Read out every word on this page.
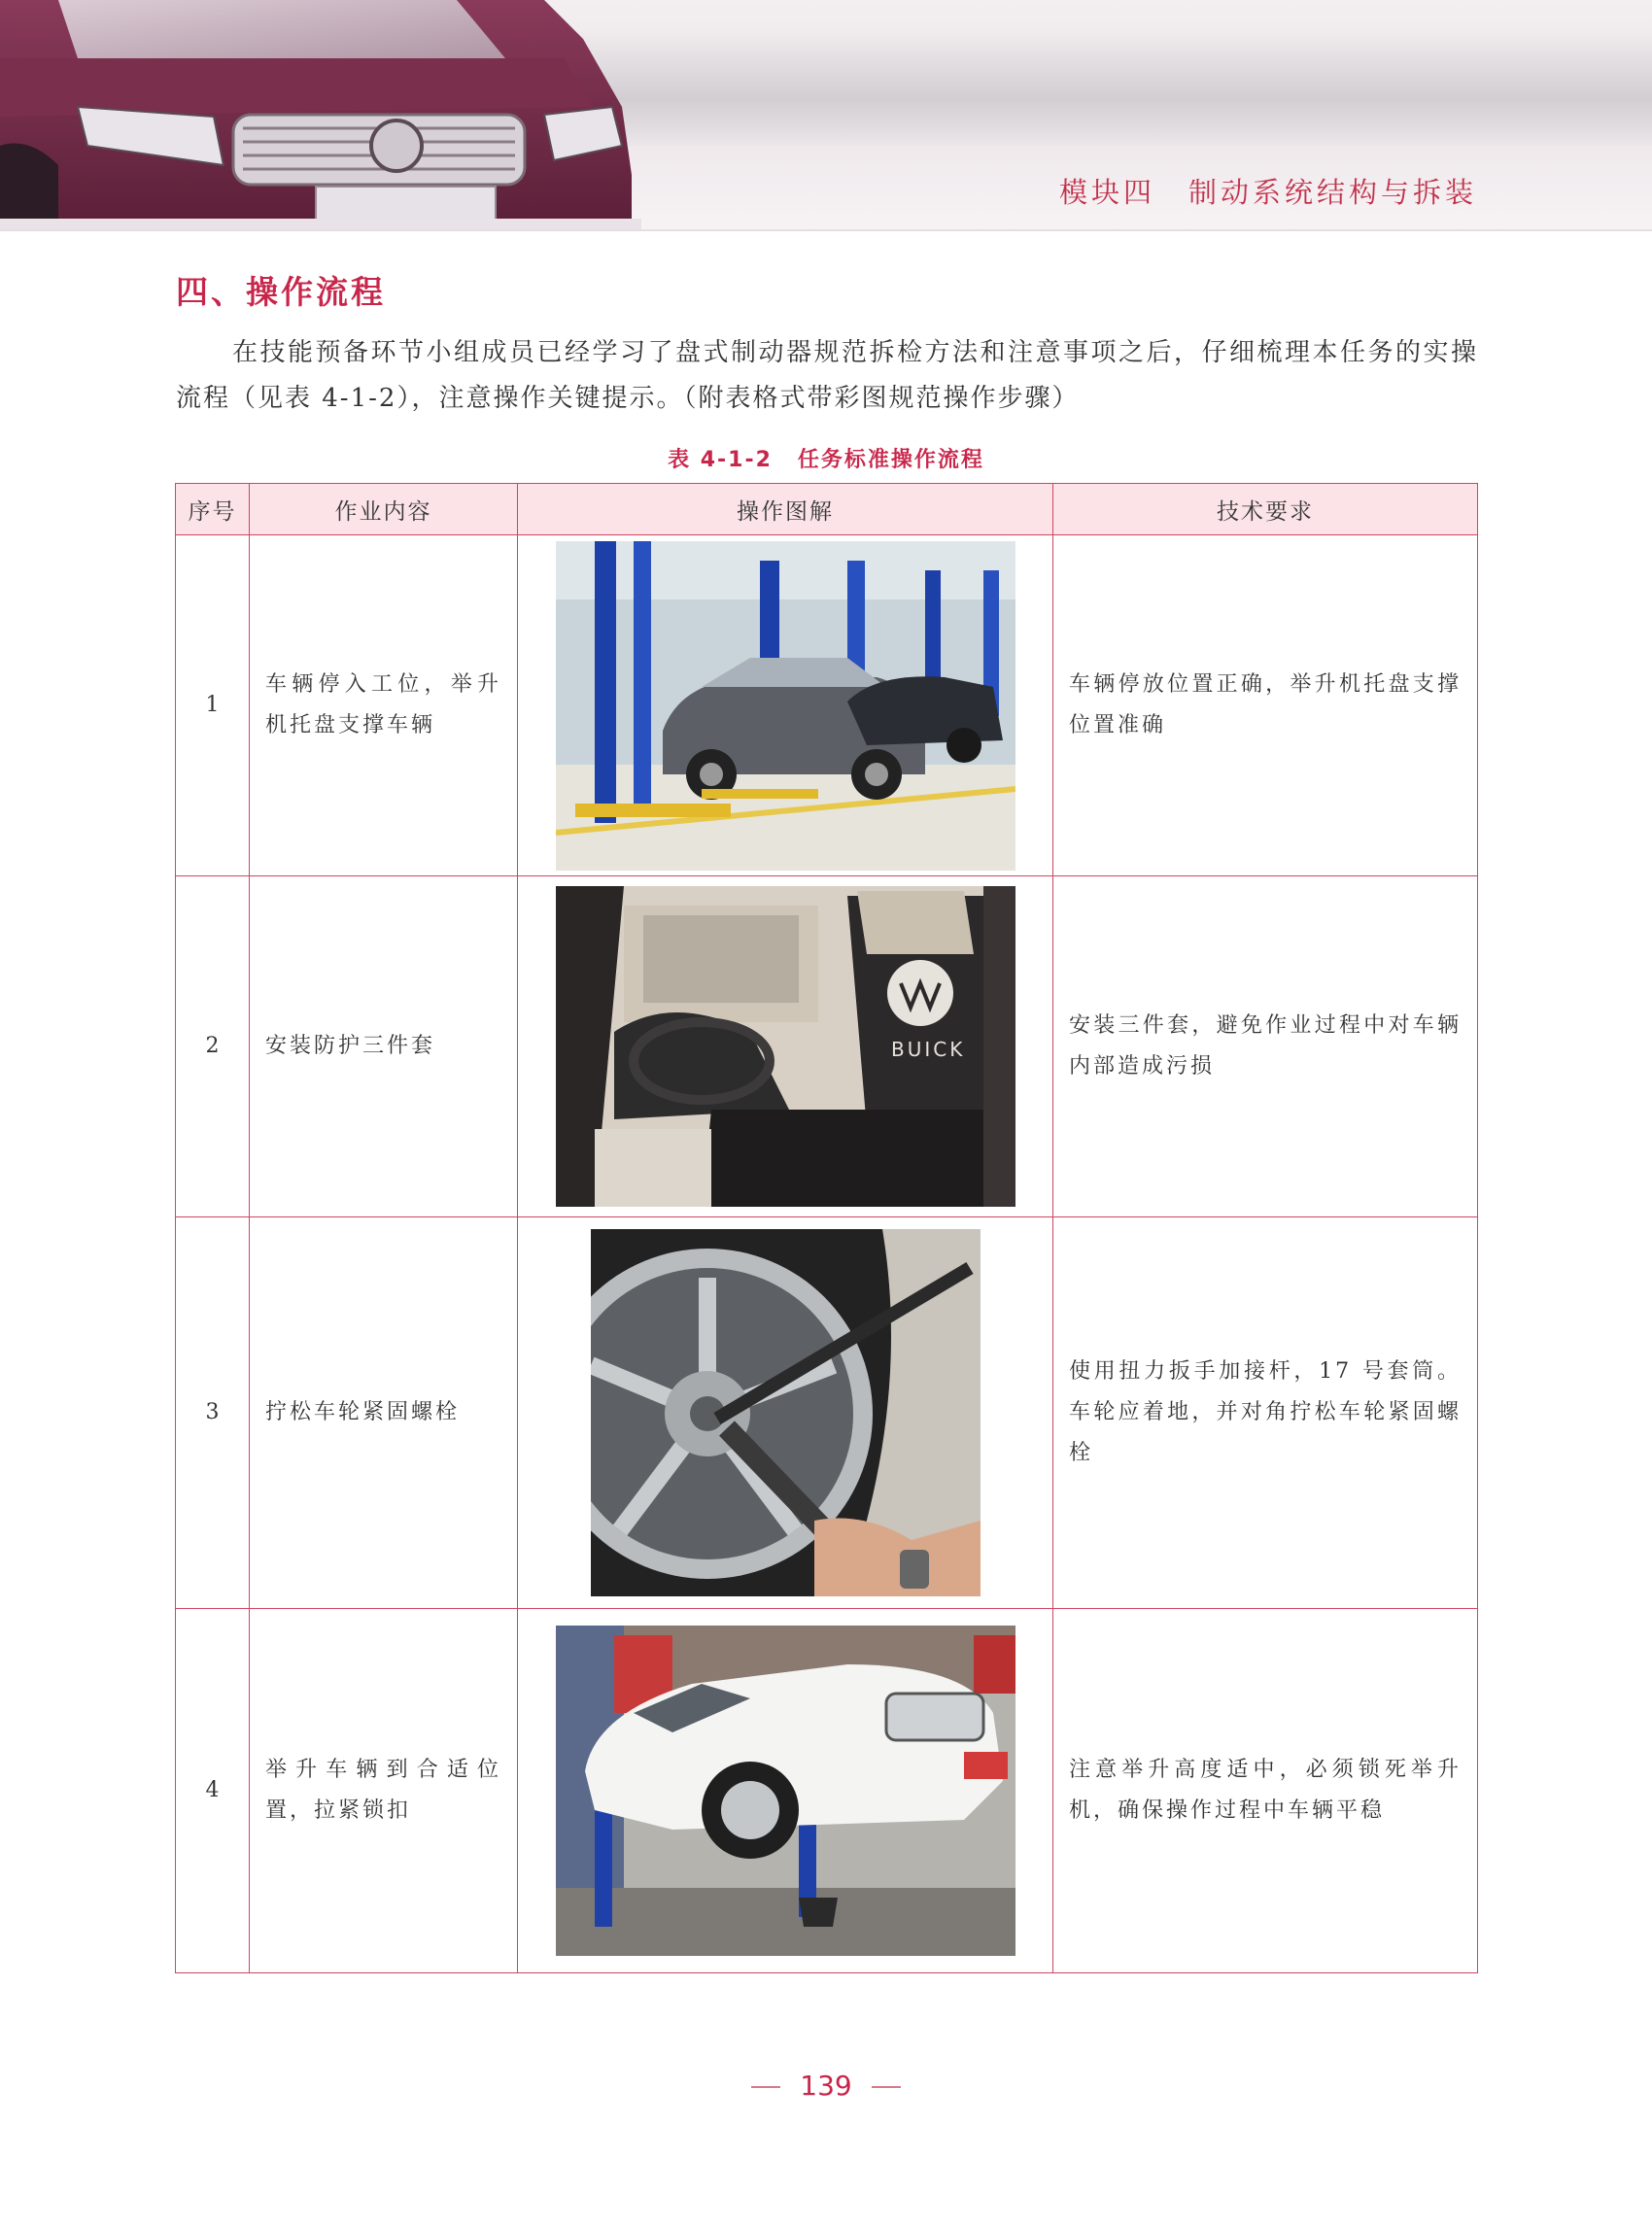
模块四 制动系统结构与拆装
四、操作流程
在技能预备环节小组成员已经学习了盘式制动器规范拆检方法和注意事项之后，仔细梳理本任务的实操流程（见表 4-1-2），注意操作关键提示。（附表格式带彩图规范操作步骤）
表 4-1-2 任务标准操作流程
序号	作业内容	操作图解	技术要求
1	车辆停入工位，举升机托盘支撑车辆		车辆停放位置正确，举升机托盘支撑位置准确
2	安装防护三件套	BUICK	安装三件套，避免作业过程中对车辆内部造成污损
3	拧松车轮紧固螺栓		使用扭力扳手加接杆，17 号套筒。车轮应着地，并对角拧松车轮紧固螺栓
4	举升车辆到合适位置，拉紧锁扣		注意举升高度适中，必须锁死举升机，确保操作过程中车辆平稳
139
